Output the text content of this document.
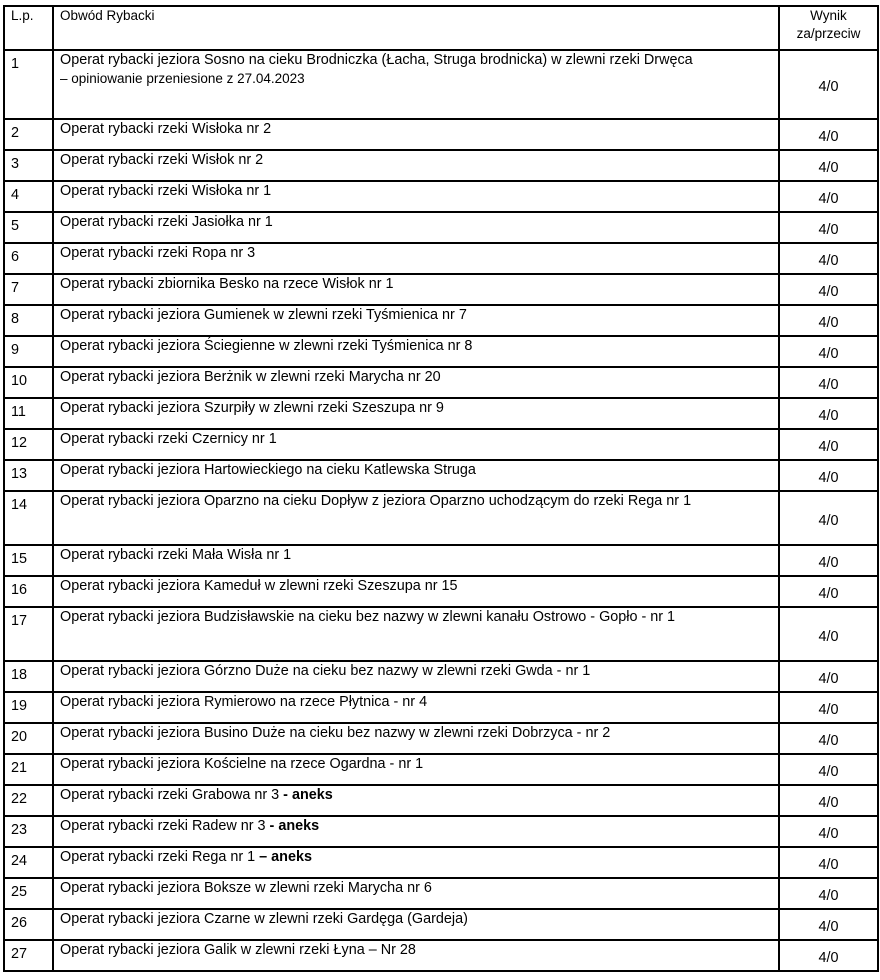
L.p.	Obwód Rybacki	Wynik
za/przeciw
1	Operat rybacki jeziora Sosno na cieku Brodniczka (Łacha, Struga brodnicka) w zlewni rzeki Drwęca
– opiniowanie przeniesione z 27.04.2023	4/0
2	Operat rybacki rzeki Wisłoka nr 2	4/0
3	Operat rybacki rzeki Wisłok nr 2	4/0
4	Operat rybacki rzeki Wisłoka nr 1	4/0
5	Operat rybacki rzeki Jasiołka nr 1	4/0
6	Operat rybacki rzeki Ropa nr 3	4/0
7	Operat rybacki zbiornika Besko na rzece Wisłok nr 1	4/0
8	Operat rybacki jeziora Gumienek w zlewni rzeki Tyśmienica nr 7	4/0
9	Operat rybacki jeziora Ściegienne w zlewni rzeki Tyśmienica nr 8	4/0
10	Operat rybacki jeziora Berżnik w zlewni rzeki Marycha nr 20	4/0
11	Operat rybacki jeziora Szurpiły w zlewni rzeki Szeszupa nr 9	4/0
12	Operat rybacki rzeki Czernicy nr 1	4/0
13	Operat rybacki jeziora Hartowieckiego na cieku Katlewska Struga	4/0
14	Operat rybacki jeziora Oparzno na cieku Dopływ z jeziora Oparzno uchodzącym do rzeki Rega nr 1	4/0
15	Operat rybacki rzeki Mała Wisła nr 1	4/0
16	Operat rybacki jeziora Kameduł w zlewni rzeki Szeszupa nr 15	4/0
17	Operat rybacki jeziora Budzisławskie na cieku bez nazwy w zlewni kanału Ostrowo - Gopło - nr 1	4/0
18	Operat rybacki jeziora Górzno Duże na cieku bez nazwy w zlewni rzeki Gwda - nr 1	4/0
19	Operat rybacki jeziora Rymierowo na rzece Płytnica - nr 4	4/0
20	Operat rybacki jeziora Busino Duże na cieku bez nazwy w zlewni rzeki Dobrzyca - nr 2	4/0
21	Operat rybacki jeziora Kościelne na rzece Ogardna - nr 1	4/0
22	Operat rybacki rzeki Grabowa nr 3 - aneks	4/0
23	Operat rybacki rzeki Radew nr 3 - aneks	4/0
24	Operat rybacki rzeki Rega nr 1 – aneks	4/0
25	Operat rybacki jeziora Boksze w zlewni rzeki Marycha nr 6	4/0
26	Operat rybacki jeziora Czarne w zlewni rzeki Gardęga (Gardeja)	4/0
27	Operat rybacki jeziora Galik w zlewni rzeki Łyna – Nr 28	4/0
